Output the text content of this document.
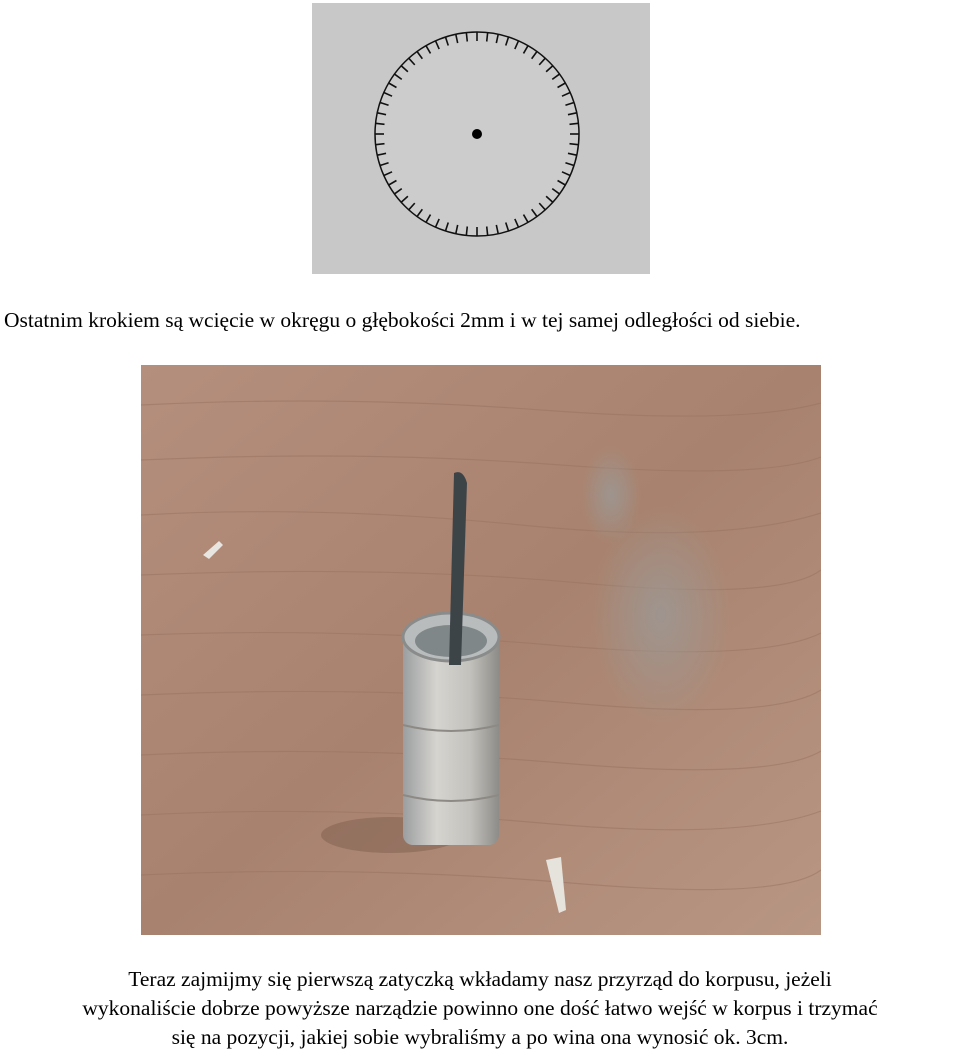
Ostatnim krokiem są wcięcie w okręgu o głębokości 2mm i w tej samej odległości od siebie.
Teraz zajmijmy się pierwszą zatyczką wkładamy nasz przyrząd do korpusu, jeżeli
wykonaliście dobrze powyższe narządzie powinno one dość łatwo wejść w korpus i trzymać
się na pozycji, jakiej sobie wybraliśmy a po wina ona wynosić ok. 3cm.
